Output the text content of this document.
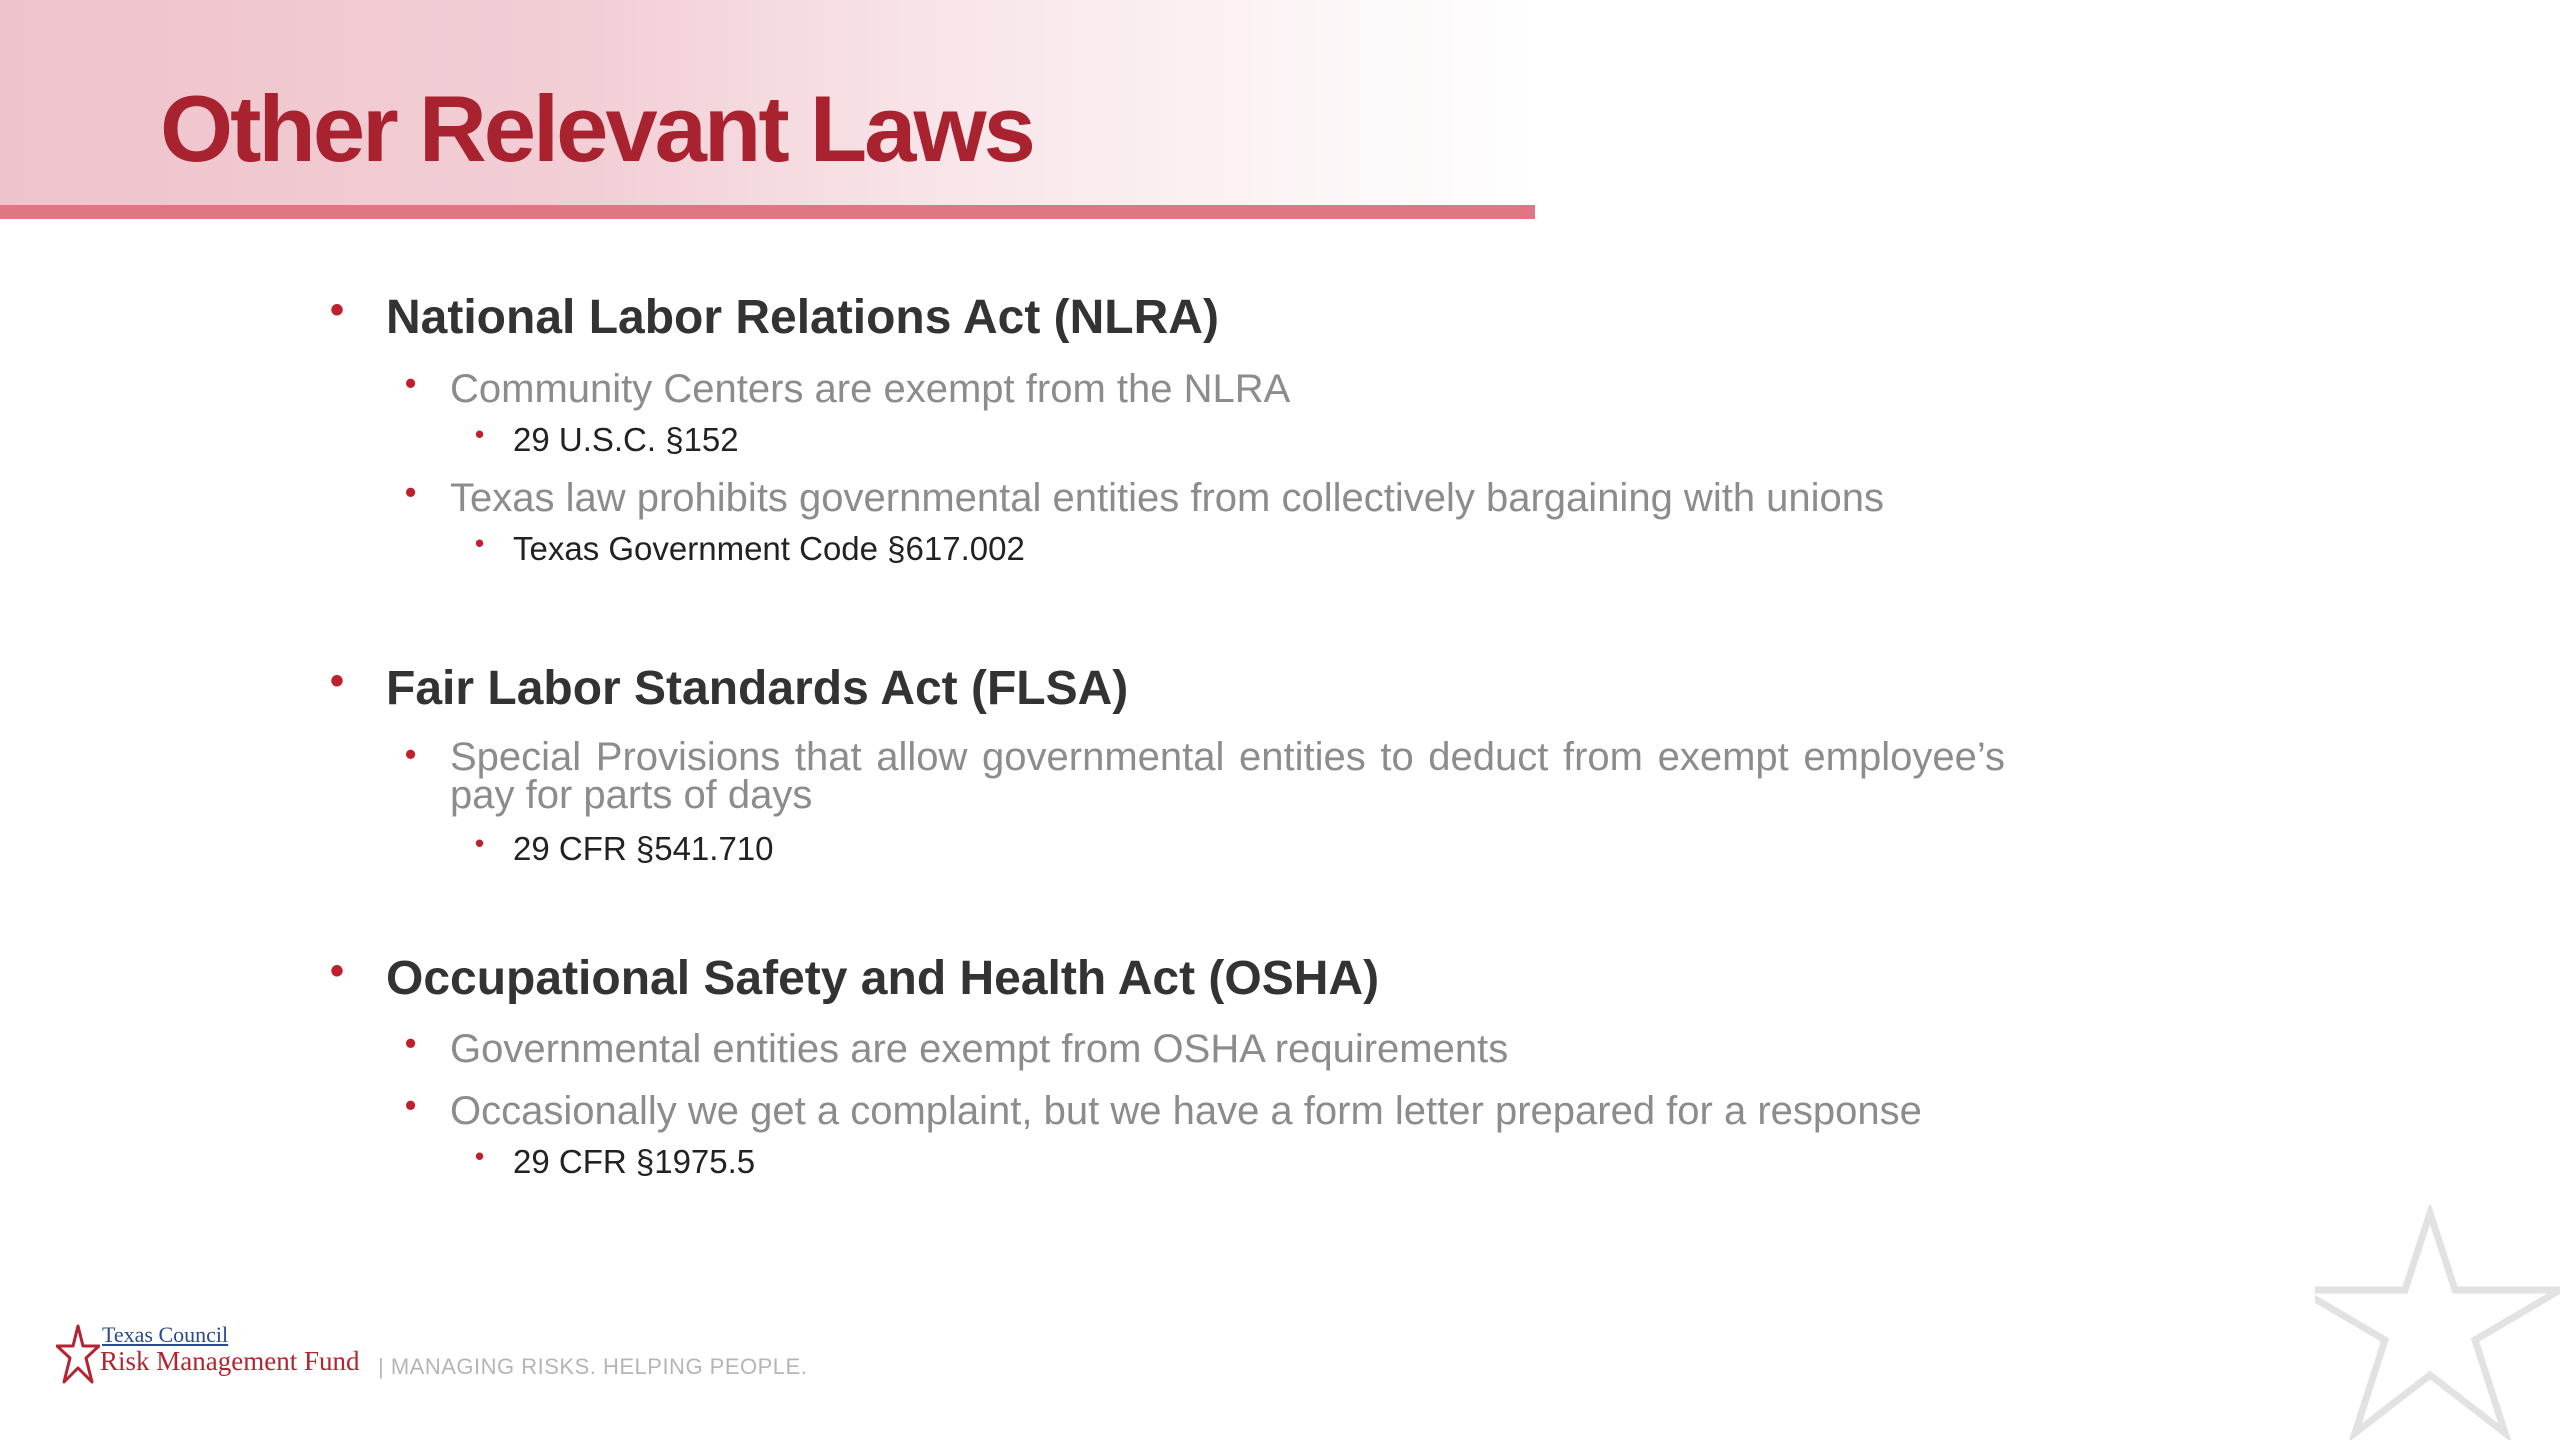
Other Relevant Laws
• National Labor Relations Act (NLRA)
• Community Centers are exempt from the NLRA
• 29 U.S.C. §152
• Texas law prohibits governmental entities from collectively bargaining with unions
• Texas Government Code §617.002
• Fair Labor Standards Act (FLSA)
• Special Provisions that allow governmental entities to deduct from exempt employee’s pay for parts of days
• 29 CFR §541.710
• Occupational Safety and Health Act (OSHA)
• Governmental entities are exempt from OSHA requirements
• Occasionally we get a complaint, but we have a form letter prepared for a response
• 29 CFR §1975.5
Texas Council
Risk Management Fund | MANAGING RISKS. HELPING PEOPLE.
